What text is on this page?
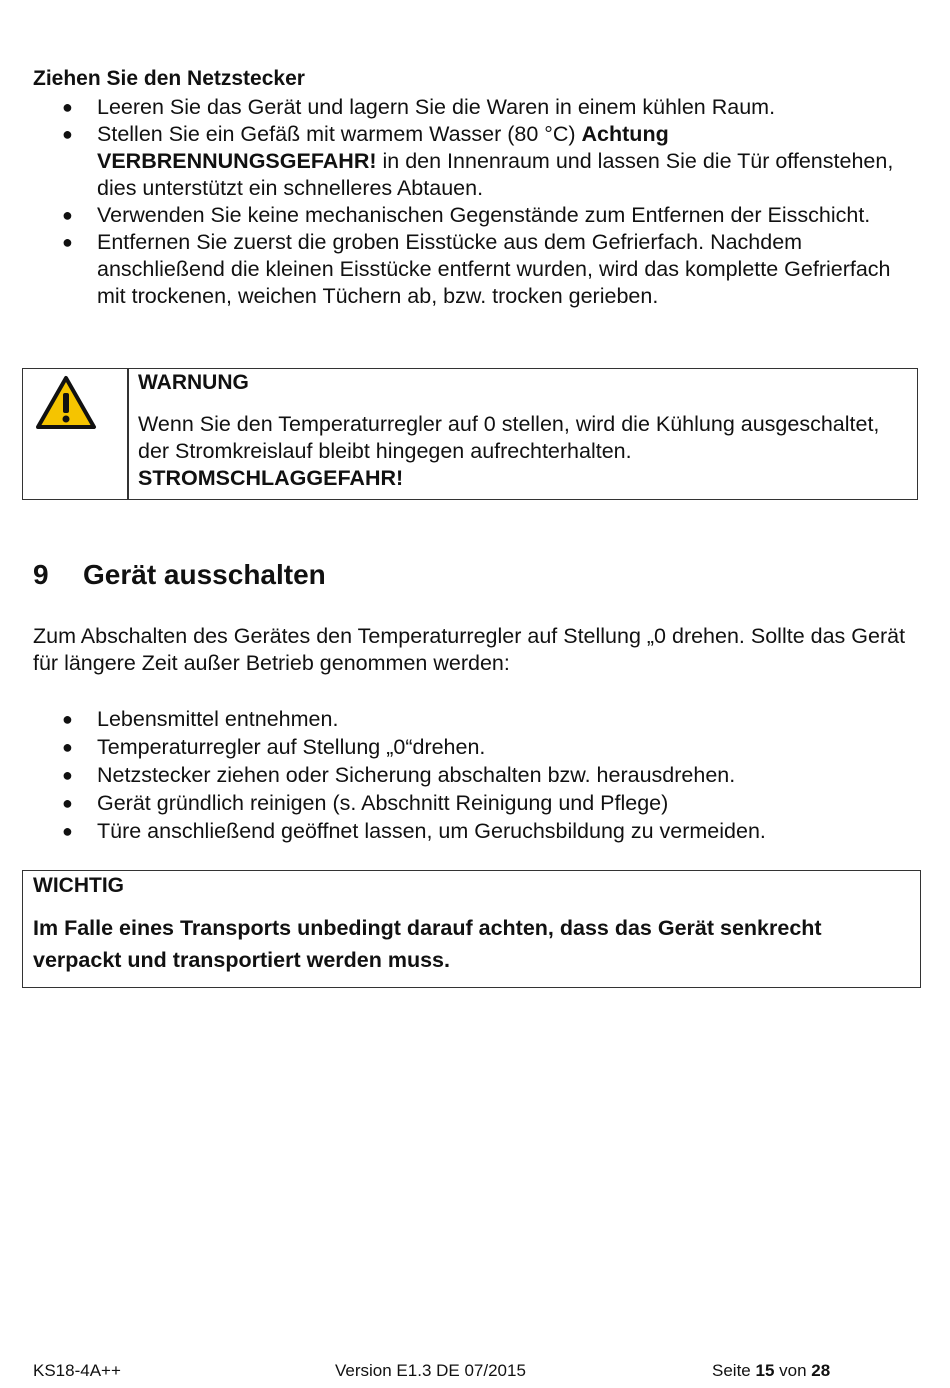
Ziehen Sie den Netzstecker
● Leeren Sie das Gerät und lagern Sie die Waren in einem kühlen Raum.
● Stellen Sie ein Gefäß mit warmem Wasser (80 °C) Achtung VERBRENNUNGSGEFAHR! in den Innenraum und lassen Sie die Tür offenstehen, dies unterstützt ein schnelleres Abtauen.
● Verwenden Sie keine mechanischen Gegenstände zum Entfernen der Eisschicht.
● Entfernen Sie zuerst die groben Eisstücke aus dem Gefrierfach. Nachdem anschließend die kleinen Eisstücke entfernt wurden, wird das komplette Gefrierfach mit trockenen, weichen Tüchern ab, bzw. trocken gerieben.
WARNUNG
Wenn Sie den Temperaturregler auf 0 stellen, wird die Kühlung ausgeschaltet, der Stromkreislauf bleibt hingegen aufrechterhalten.
STROMSCHLAGGEFAHR!
9 Gerät ausschalten
Zum Abschalten des Gerätes den Temperaturregler auf Stellung „0 drehen. Sollte das Gerät für längere Zeit außer Betrieb genommen werden:
● Lebensmittel entnehmen.
● Temperaturregler auf Stellung „0“drehen.
● Netzstecker ziehen oder Sicherung abschalten bzw. herausdrehen.
● Gerät gründlich reinigen (s. Abschnitt Reinigung und Pflege)
● Türe anschließend geöffnet lassen, um Geruchsbildung zu vermeiden.
WICHTIG
Im Falle eines Transports unbedingt darauf achten, dass das Gerät senkrecht verpackt und transportiert werden muss.
KS18-4A++	Version E1.3 DE 07/2015	Seite 15 von 28
